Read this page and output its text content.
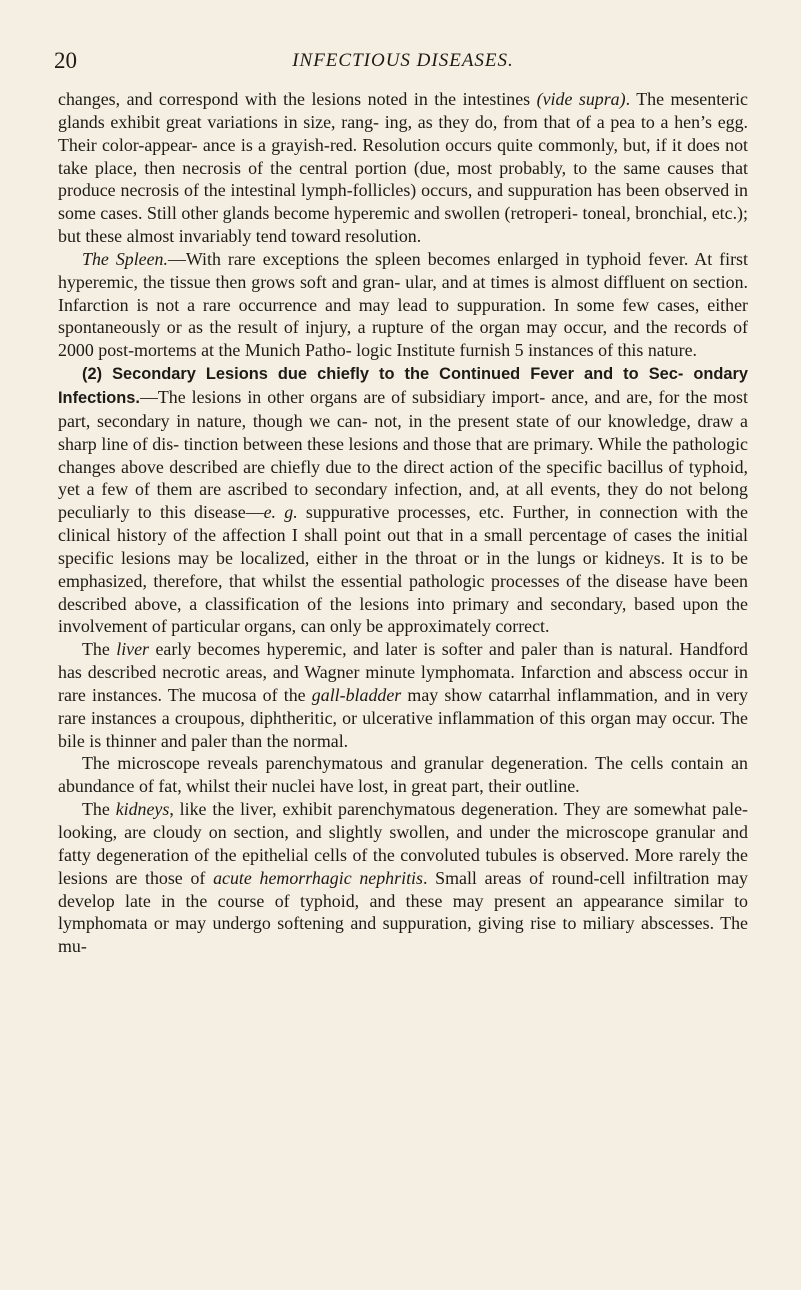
20	INFECTIOUS DISEASES.

changes, and correspond with the lesions noted in the intestines (vide supra). The mesenteric glands exhibit great variations in size, rang- ing, as they do, from that of a pea to a hen’s egg. Their color-appear- ance is a grayish-red. Resolution occurs quite commonly, but, if it does not take place, then necrosis of the central portion (due, most probably, to the same causes that produce necrosis of the intestinal lymph-follicles) occurs, and suppuration has been observed in some cases. Still other glands become hyperemic and swollen (retroperi- toneal, bronchial, etc.); but these almost invariably tend toward resolution.

The Spleen.—With rare exceptions the spleen becomes enlarged in typhoid fever. At first hyperemic, the tissue then grows soft and gran- ular, and at times is almost diffluent on section. Infarction is not a rare occurrence and may lead to suppuration. In some few cases, either spontaneously or as the result of injury, a rupture of the organ may occur, and the records of 2000 post-mortems at the Munich Patho- logic Institute furnish 5 instances of this nature.

(2) Secondary Lesions due chiefly to the Continued Fever and to Sec- ondary Infections.—The lesions in other organs are of subsidiary import- ance, and are, for the most part, secondary in nature, though we can- not, in the present state of our knowledge, draw a sharp line of dis- tinction between these lesions and those that are primary. While the pathologic changes above described are chiefly due to the direct action of the specific bacillus of typhoid, yet a few of them are ascribed to secondary infection, and, at all events, they do not belong peculiarly to this disease—e. g. suppurative processes, etc. Further, in connection with the clinical history of the affection I shall point out that in a small percentage of cases the initial specific lesions may be localized, either in the throat or in the lungs or kidneys. It is to be emphasized, therefore, that whilst the essential pathologic processes of the disease have been described above, a classification of the lesions into primary and secondary, based upon the involvement of particular organs, can only be approximately correct.

The liver early becomes hyperemic, and later is softer and paler than is natural. Handford has described necrotic areas, and Wagner minute lymphomata. Infarction and abscess occur in rare instances. The mucosa of the gall-bladder may show catarrhal inflammation, and in very rare instances a croupous, diphtheritic, or ulcerative inflammation of this organ may occur. The bile is thinner and paler than the normal.

The microscope reveals parenchymatous and granular degeneration. The cells contain an abundance of fat, whilst their nuclei have lost, in great part, their outline.

The kidneys, like the liver, exhibit parenchymatous degeneration. They are somewhat pale-looking, are cloudy on section, and slightly swollen, and under the microscope granular and fatty degeneration of the epithelial cells of the convoluted tubules is observed. More rarely the lesions are those of acute hemorrhagic nephritis. Small areas of round-cell infiltration may develop late in the course of typhoid, and these may present an appearance similar to lymphomata or may undergo softening and suppuration, giving rise to miliary abscesses. The mu-
